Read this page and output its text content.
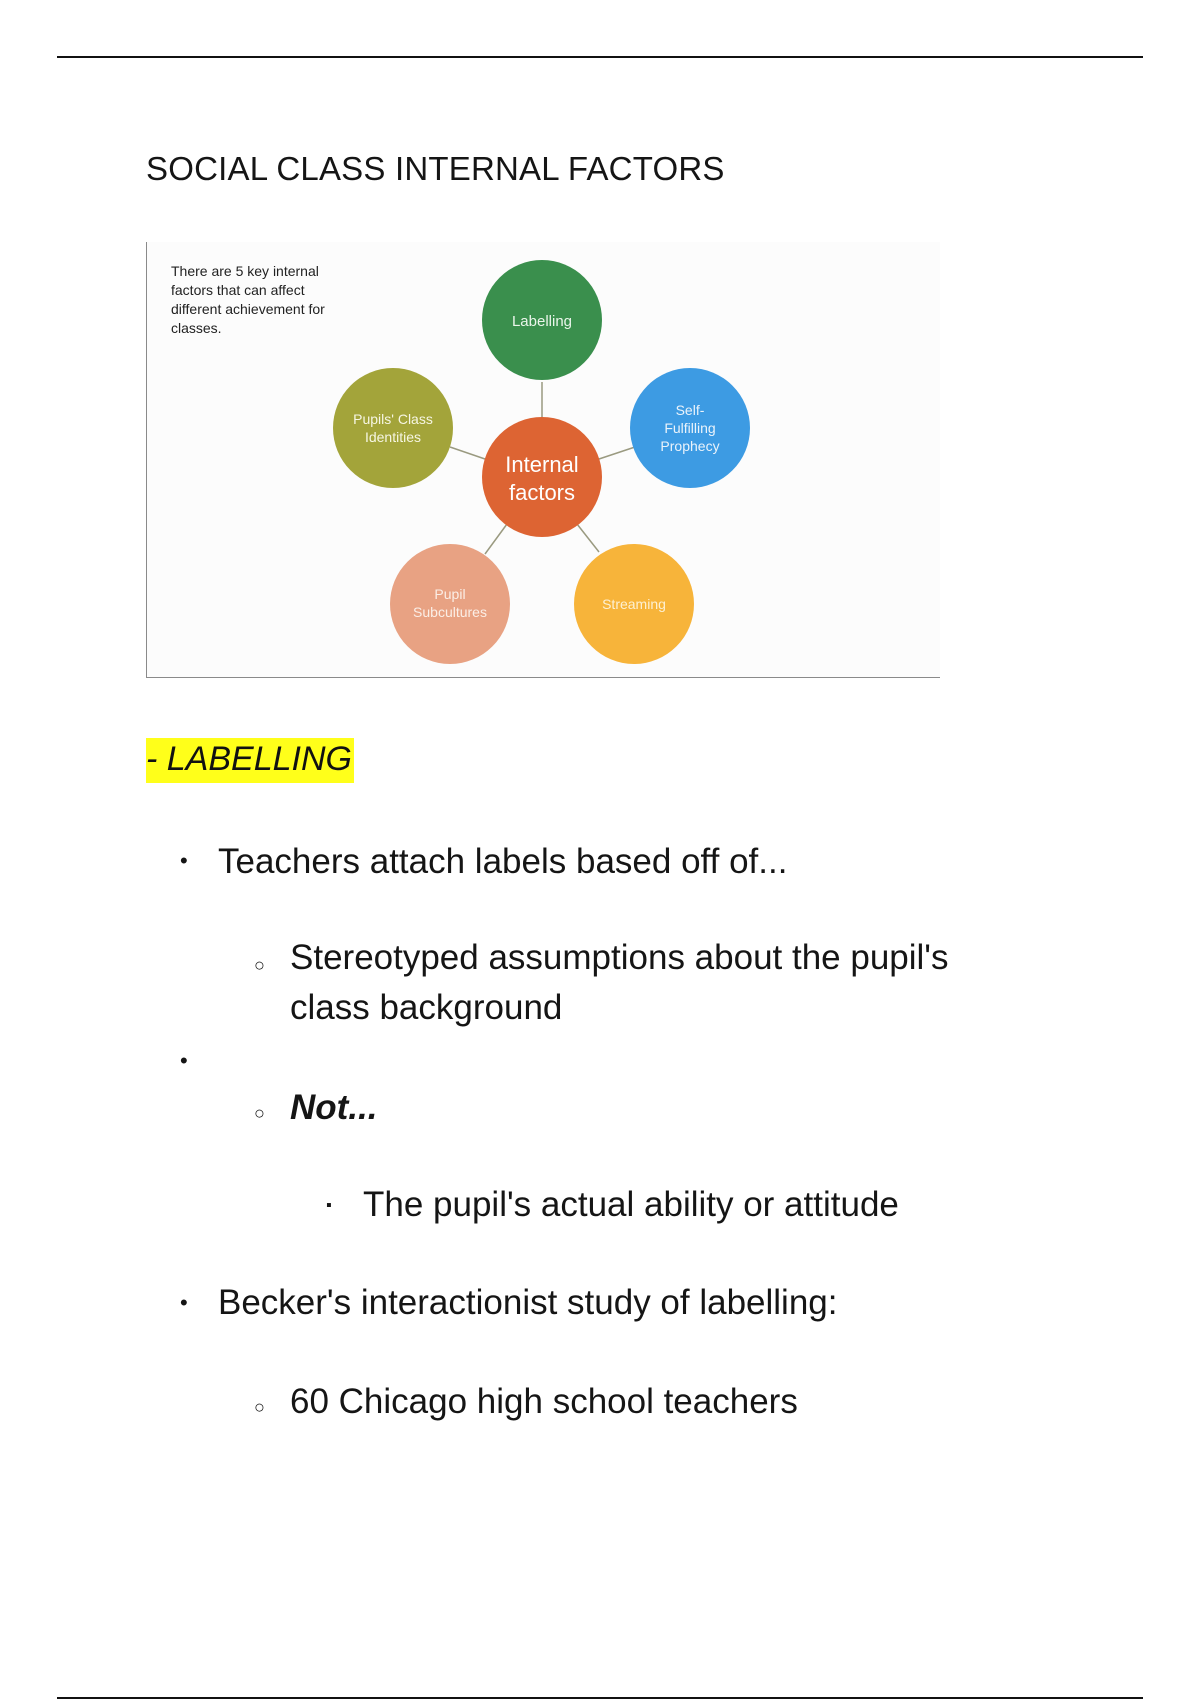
SOCIAL CLASS INTERNAL FACTORS
There are 5 key internal factors that can affect different achievement for classes.	Labelling
Self-
Fulfilling
Prophecy
Streaming
Pupil
Subcultures
Pupils' Class
Identities
Internal
factors
- LABELLING
• Teachers attach labels based off of...
○ Stereotyped assumptions about the pupil's
class background
•
○ Not...
▪ The pupil's actual ability or attitude
• Becker's interactionist study of labelling:
○ 60 Chicago high school teachers
